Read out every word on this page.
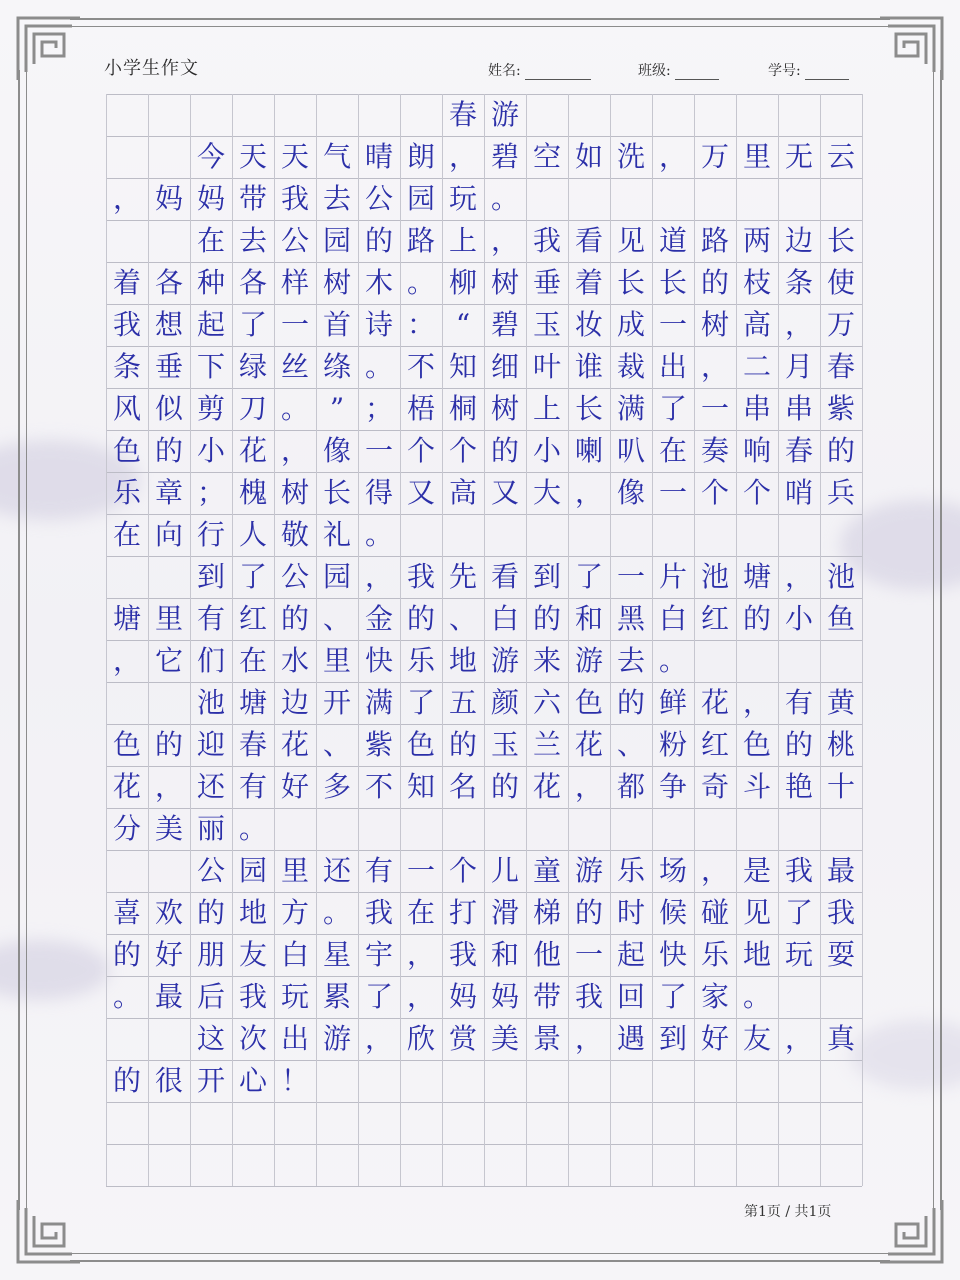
小学生作文	姓名:	班级:	学号:
春 游
今 天 天 气 晴 朗 ， 碧 空 如 洗 ， 万 里 无 云
， 妈 妈 带 我 去 公 园 玩 。
在 去 公 园 的 路 上 ， 我 看 见 道 路 两 边 长
着 各 种 各 样 树 木 。 柳 树 垂 着 长 长 的 枝 条 使
我 想 起 了 一 首 诗 ： “ 碧 玉 妆 成 一 树 高 ， 万
条 垂 下 绿 丝 绦 。 不 知 细 叶 谁 裁 出 ， 二 月 春
风 似 剪 刀 。 ” ； 梧 桐 树 上 长 满 了 一 串 串 紫
色 的 小 花 ， 像 一 个 个 的 小 喇 叭 在 奏 响 春 的
乐 章 ； 槐 树 长 得 又 高 又 大 ， 像 一 个 个 哨 兵
在 向 行 人 敬 礼 。
到 了 公 园 ， 我 先 看 到 了 一 片 池 塘 ， 池
塘 里 有 红 的 、 金 的 、 白 的 和 黑 白 红 的 小 鱼
， 它 们 在 水 里 快 乐 地 游 来 游 去 。
池 塘 边 开 满 了 五 颜 六 色 的 鲜 花 ， 有 黄
色 的 迎 春 花 、 紫 色 的 玉 兰 花 、 粉 红 色 的 桃
花 ， 还 有 好 多 不 知 名 的 花 ， 都 争 奇 斗 艳 十
分 美 丽 。
公 园 里 还 有 一 个 儿 童 游 乐 场 ， 是 我 最
喜 欢 的 地 方 。 我 在 打 滑 梯 的 时 候 碰 见 了 我
的 好 朋 友 白 星 宇 ， 我 和 他 一 起 快 乐 地 玩 耍
。 最 后 我 玩 累 了 ， 妈 妈 带 我 回 了 家 。
这 次 出 游 ， 欣 赏 美 景 ， 遇 到 好 友 ， 真
的 很 开 心 ！
第1页 / 共1页
